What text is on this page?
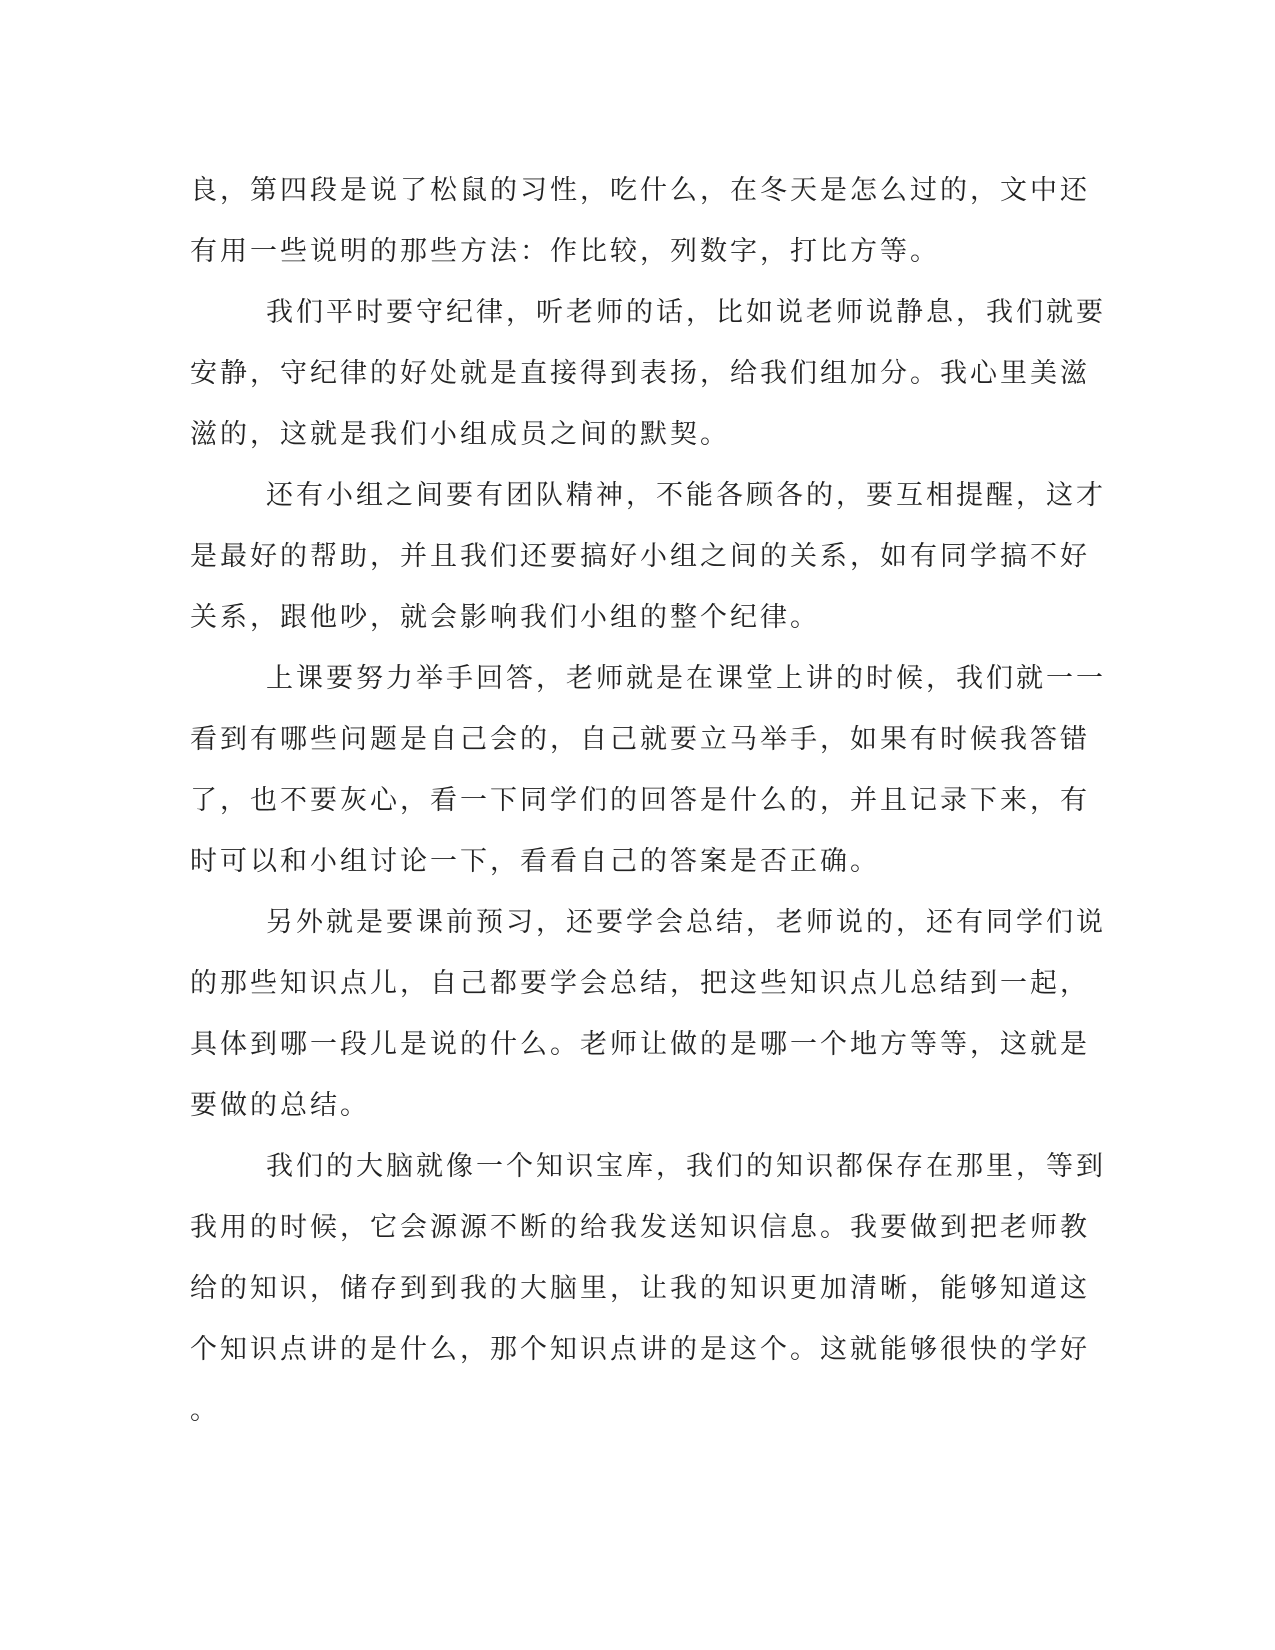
良，第四段是说了松鼠的习性，吃什么，在冬天是怎么过的，文中还
有用一些说明的那些方法：作比较，列数字，打比方等。

我们平时要守纪律，听老师的话，比如说老师说静息，我们就要
安静，守纪律的好处就是直接得到表扬，给我们组加分。我心里美滋
滋的，这就是我们小组成员之间的默契。

还有小组之间要有团队精神，不能各顾各的，要互相提醒，这才
是最好的帮助，并且我们还要搞好小组之间的关系，如有同学搞不好
关系，跟他吵，就会影响我们小组的整个纪律。

上课要努力举手回答，老师就是在课堂上讲的时候，我们就一一
看到有哪些问题是自己会的，自己就要立马举手，如果有时候我答错
了，也不要灰心，看一下同学们的回答是什么的，并且记录下来，有
时可以和小组讨论一下，看看自己的答案是否正确。

另外就是要课前预习，还要学会总结，老师说的，还有同学们说
的那些知识点儿，自己都要学会总结，把这些知识点儿总结到一起，
具体到哪一段儿是说的什么。老师让做的是哪一个地方等等，这就是
要做的总结。

我们的大脑就像一个知识宝库，我们的知识都保存在那里，等到
我用的时候，它会源源不断的给我发送知识信息。我要做到把老师教
给的知识，储存到到我的大脑里，让我的知识更加清晰，能够知道这
个知识点讲的是什么，那个知识点讲的是这个。这就能够很快的学好
。
